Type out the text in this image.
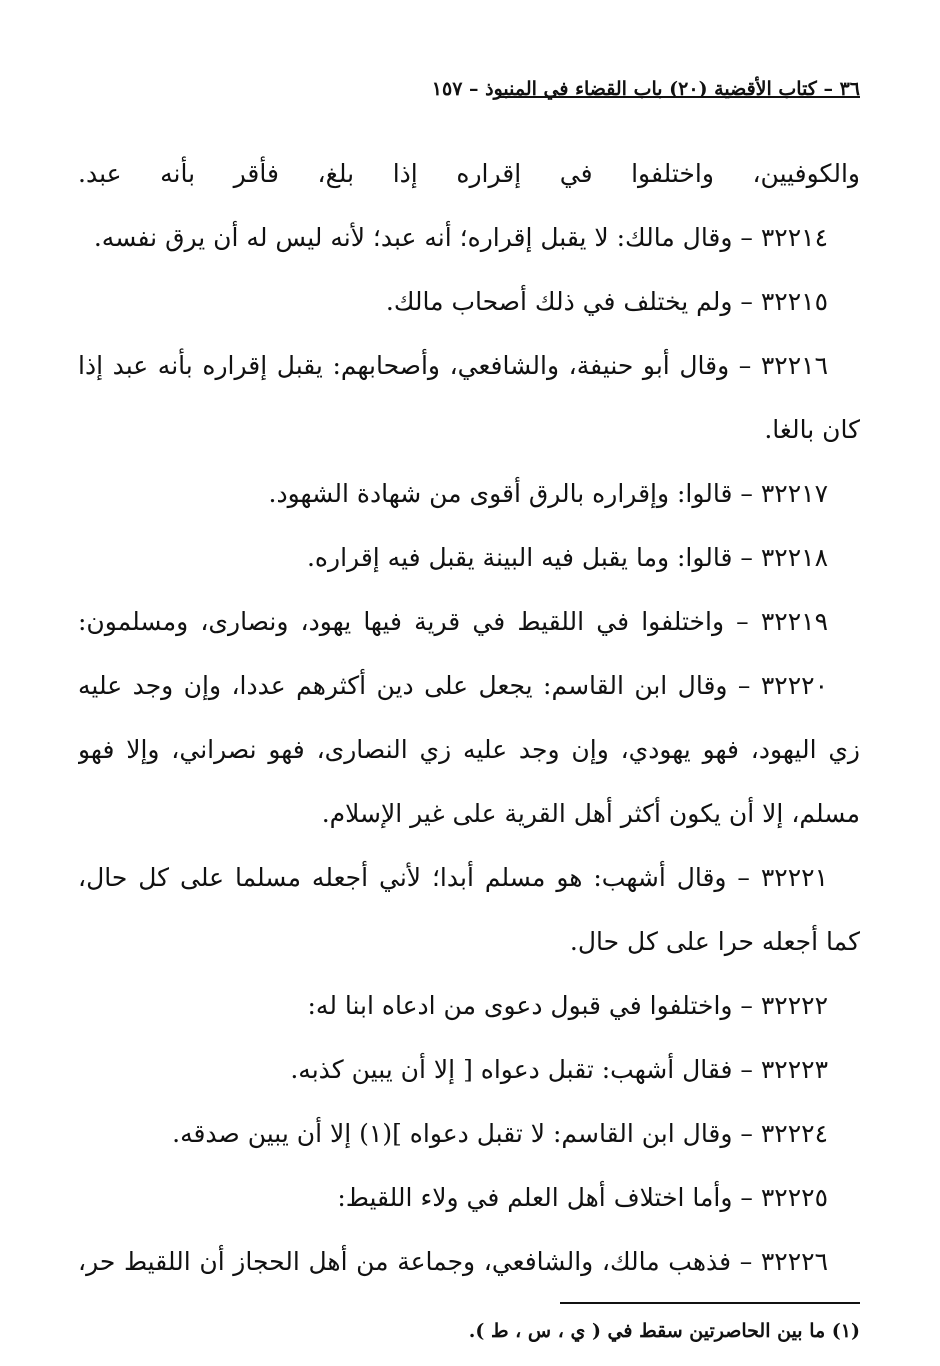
٣٦ – كتاب الأقضية (٢٠) باب القضاء في المنبوذ – ١٥٧
والكوفيين، واختلفوا في إقراره إذا بلغ، فأقر بأنه عبد.
٣٢٢١٤ – وقال مالك: لا يقبل إقراره؛ أنه عبد؛ لأنه ليس له أن يرق نفسه.
٣٢٢١٥ – ولم يختلف في ذلك أصحاب مالك.
٣٢٢١٦ – وقال أبو حنيفة، والشافعي، وأصحابهم: يقبل إقراره بأنه عبد إذا
كان بالغا.
٣٢٢١٧ – قالوا: وإقراره بالرق أقوى من شهادة الشهود.
٣٢٢١٨ – قالوا: وما يقبل فيه البينة يقبل فيه إقراره.
٣٢٢١٩ – واختلفوا في اللقيط في قرية فيها يهود، ونصارى، ومسلمون:
٣٢٢٢٠ – وقال ابن القاسم: يجعل على دين أكثرهم عددا، وإن وجد عليه
زي اليهود، فهو يهودي، وإن وجد عليه زي النصارى، فهو نصراني، وإلا فهو
مسلم، إلا أن يكون أكثر أهل القرية على غير الإسلام.
٣٢٢٢١ – وقال أشهب: هو مسلم أبدا؛ لأني أجعله مسلما على كل حال،
كما أجعله حرا على كل حال.
٣٢٢٢٢ – واختلفوا في قبول دعوى من ادعاه ابنا له:
٣٢٢٢٣ – فقال أشهب: تقبل دعواه [ إلا أن يبين كذبه.
٣٢٢٢٤ – وقال ابن القاسم: لا تقبل دعواه ](١) إلا أن يبين صدقه.
٣٢٢٢٥ – وأما اختلاف أهل العلم في ولاء اللقيط:
٣٢٢٢٦ – فذهب مالك، والشافعي، وجماعة من أهل الحجاز أن اللقيط حر،
(١) ما بين الحاصرتين سقط في ( ي ، س ، ط ).
